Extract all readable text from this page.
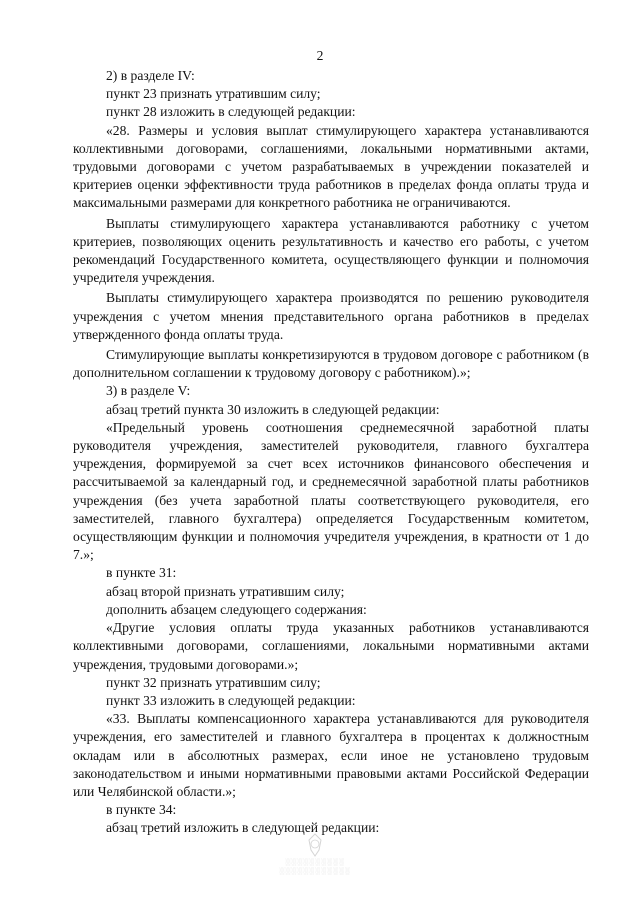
2

2) в разделе IV:

пункт 23 признать утратившим силу;

пункт 28 изложить в следующей редакции:

«28. Размеры и условия выплат стимулирующего характера устанавливаются коллективными договорами, соглашениями, локальными нормативными актами, трудовыми договорами с учетом разрабатываемых в учреждении показателей и критериев оценки эффективности труда работников в пределах фонда оплаты труда и максимальными размерами для конкретного работника не ограничиваются.

Выплаты стимулирующего характера устанавливаются работнику с учетом критериев, позволяющих оценить результативность и качество его работы, с учетом рекомендаций Государственного комитета, осуществляющего функции и полномочия учредителя учреждения.

Выплаты стимулирующего характера производятся по решению руководителя учреждения с учетом мнения представительного органа работников в пределах утвержденного фонда оплаты труда.

Стимулирующие выплаты конкретизируются в трудовом договоре с работником (в дополнительном соглашении к трудовому договору с работником).»;

3) в разделе V:

абзац третий пункта 30 изложить в следующей редакции:

«Предельный уровень соотношения среднемесячной заработной платы руководителя учреждения, заместителей руководителя, главного бухгалтера учреждения, формируемой за счет всех источников финансового обеспечения и рассчитываемой за календарный год, и среднемесячной заработной платы работников учреждения (без учета заработной платы соответствующего руководителя, его заместителей, главного бухгалтера) определяется Государственным комитетом, осуществляющим функции и полномочия учредителя учреждения, в кратности от 1 до 7.»;

в пункте 31:

абзац второй признать утратившим силу;

дополнить абзацем следующего содержания:

«Другие условия оплаты труда указанных работников устанавливаются коллективными договорами, соглашениями, локальными нормативными актами учреждения, трудовыми договорами.»;

пункт 32 признать утратившим силу;

пункт 33 изложить в следующей редакции:

«33. Выплаты компенсационного характера устанавливаются для руководителя учреждения, его заместителей и главного бухгалтера в процентах к должностным окладам или в абсолютных размерах, если иное не установлено трудовым законодательством и иными нормативными правовыми актами Российской Федерации или Челябинской области.»;

в пункте 34:

абзац третий изложить в следующей редакции:

░░░░░░░░░░
░░░░░░░░░░░░
